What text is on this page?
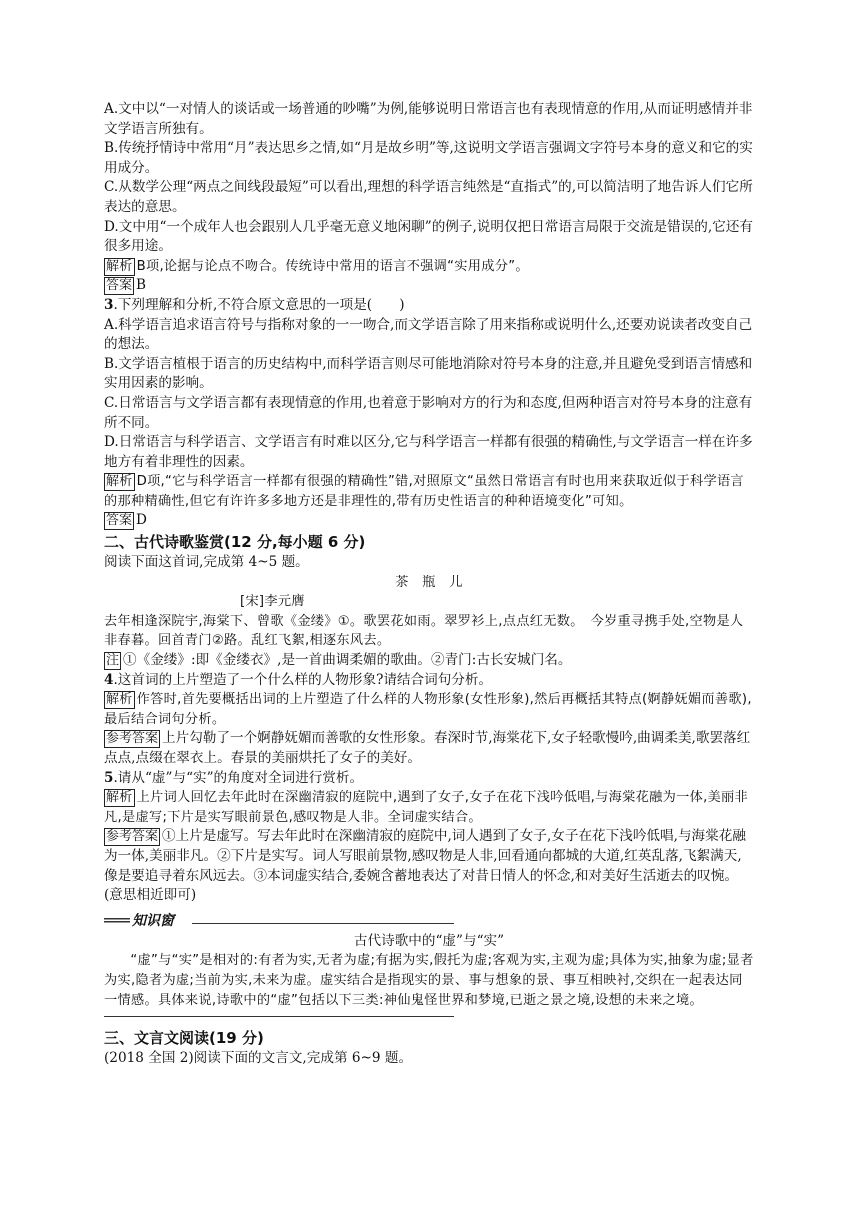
A.文中以“一对情人的谈话或一场普通的吵嘴”为例,能够说明日常语言也有表现情意的作用,从而证明感情并非文学语言所独有。
B.传统抒情诗中常用“月”表达思乡之情,如“月是故乡明”等,这说明文学语言强调文字符号本身的意义和它的实用成分。
C.从数学公理“两点之间线段最短”可以看出,理想的科学语言纯然是“直指式”的,可以简洁明了地告诉人们它所表达的意思。
D.文中用“一个成年人也会跟别人几乎毫无意义地闲聊”的例子,说明仅把日常语言局限于交流是错误的,它还有很多用途。
解析 B项,论据与论点不吻合。传统诗中常用的语言不强调“实用成分”。
答案 B
3.下列理解和分析,不符合原文意思的一项是(　　)
A.科学语言追求语言符号与指称对象的一一吻合,而文学语言除了用来指称或说明什么,还要劝说读者改变自己的想法。
B.文学语言植根于语言的历史结构中,而科学语言则尽可能地消除对符号本身的注意,并且避免受到语言情感和实用因素的影响。
C.日常语言与文学语言都有表现情意的作用,也着意于影响对方的行为和态度,但两种语言对符号本身的注意有所不同。
D.日常语言与科学语言、文学语言有时难以区分,它与科学语言一样都有很强的精确性,与文学语言一样在许多地方有着非理性的因素。
解析 D项,“它与科学语言一样都有很强的精确性”错,对照原文“虽然日常语言有时也用来获取近似于科学语言的那种精确性,但它有许许多多地方还是非理性的,带有历史性语言的种种语境变化”可知。
答案 D
二、古代诗歌鉴赏(12 分,每小题 6 分)
阅读下面这首词,完成第 4~5 题。
茶　瓶　儿
[宋]李元膺
去年相逢深院宇,海棠下、曾歌《金缕》①。歌罢花如雨。翠罗衫上,点点红无数。　今岁重寻携手处,空物是人非春暮。回首青门②路。乱红飞絮,相逐东风去。
注 ①《金缕》:即《金缕衣》,是一首曲调柔媚的歌曲。②青门:古长安城门名。
4.这首词的上片塑造了一个什么样的人物形象?请结合词句分析。
解析 作答时,首先要概括出词的上片塑造了什么样的人物形象(女性形象),然后再概括其特点(婀静妩媚而善歌),最后结合词句分析。
参考答案 上片勾勒了一个婀静妩媚而善歌的女性形象。春深时节,海棠花下,女子轻歌慢吟,曲调柔美,歌罢落红点点,点缀在翠衣上。春景的美丽烘托了女子的美好。
5.请从“虚”与“实”的角度对全词进行赏析。
解析 上片词人回忆去年此时在深幽清寂的庭院中,遇到了女子,女子在花下浅吟低唱,与海棠花融为一体,美丽非凡,是虚写;下片是实写眼前景色,感叹物是人非。全词虚实结合。
参考答案 ①上片是虚写。写去年此时在深幽清寂的庭院中,词人遇到了女子,女子在花下浅吟低唱,与海棠花融为一体,美丽非凡。②下片是实写。词人写眼前景物,感叹物是人非,回看通向都城的大道,红英乱落,飞絮满天,像是要追寻着东风远去。③本词虚实结合,委婉含蓄地表达了对昔日情人的怀念,和对美好生活逝去的叹惋。(意思相近即可)
知识窗
古代诗歌中的“虚”与“实”
“虚”与“实”是相对的:有者为实,无者为虚;有据为实,假托为虚;客观为实,主观为虚;具体为实,抽象为虚;显者为实,隐者为虚;当前为实,未来为虚。虚实结合是指现实的景、事与想象的景、事互相映衬,交织在一起表达同一情感。具体来说,诗歌中的“虚”包括以下三类:神仙鬼怪世界和梦境,已逝之景之境,设想的未来之境。
三、文言文阅读(19 分)
(2018 全国 2)阅读下面的文言文,完成第 6~9 题。
